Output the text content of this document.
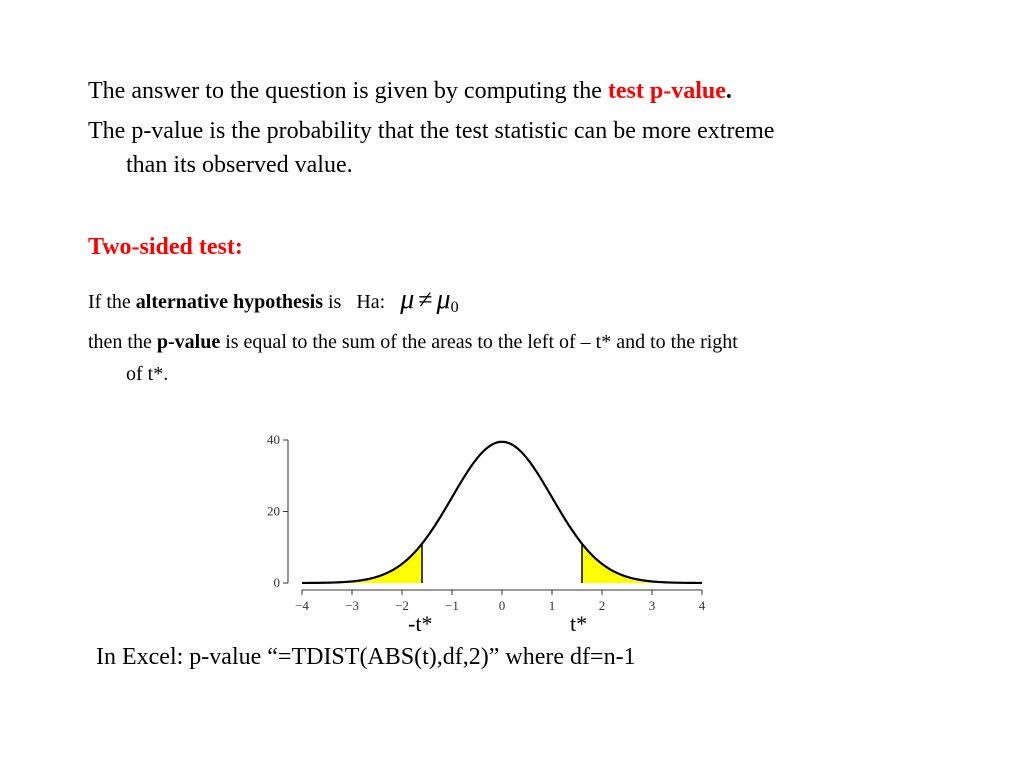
The answer to the question is given by computing the test p-value.
The p-value is the probability that the test statistic can be more extreme
than its observed value.
Two-sided test:
If the alternative hypothesis is   Ha:   $\mu \ne \mu_0$
then the p-value is equal to the sum of the areas to the left of – t* and to the right
of t*.
−4	−3	−2	−1	0	1	2	3	4
0
20
40
-t*	t*
In Excel: p-value “=TDIST(ABS(t),df,2)” where df=n-1
